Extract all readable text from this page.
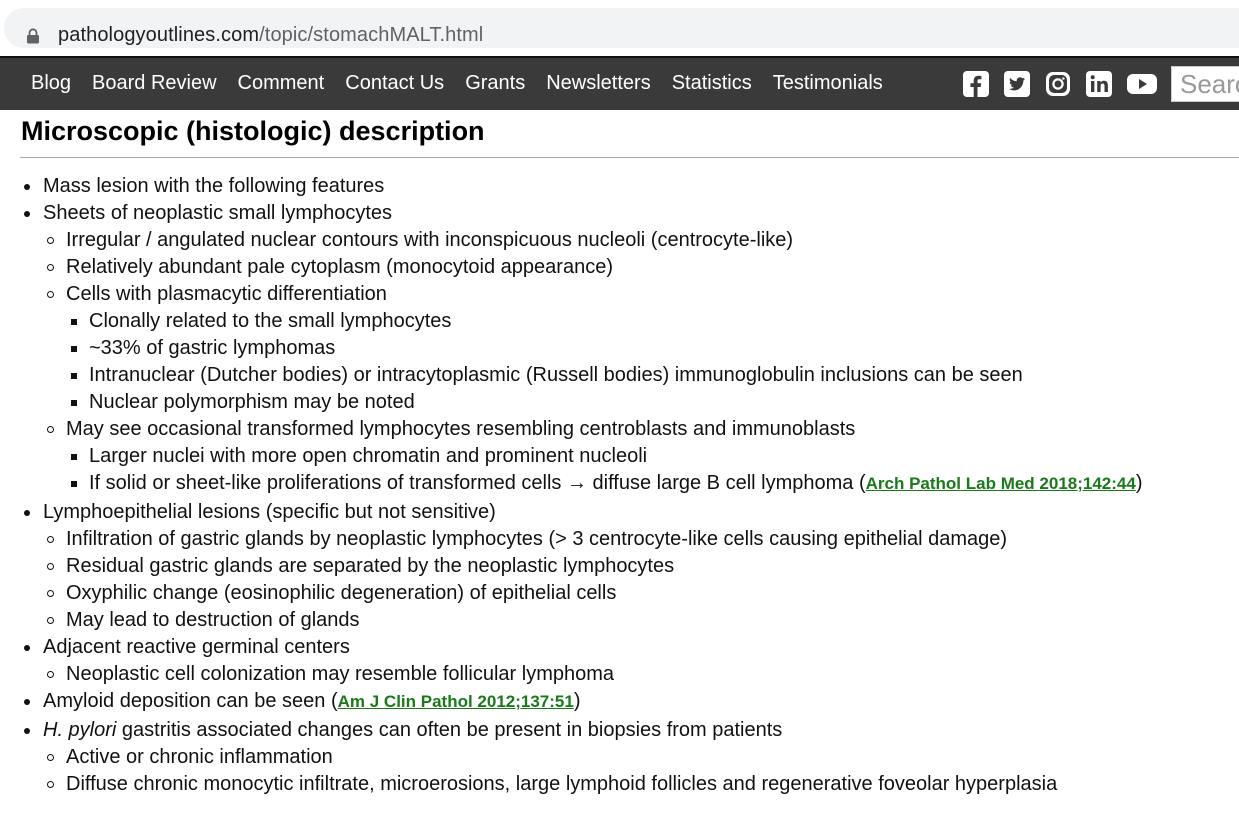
pathologyoutlines.com/topic/stomachMALT.html
Blog Board Review Comment Contact Us Grants Newsletters Statistics Testimonials
Search
Microscopic (histologic) description
Mass lesion with the following features
Sheets of neoplastic small lymphocytes
Irregular / angulated nuclear contours with inconspicuous nucleoli (centrocyte-like)
Relatively abundant pale cytoplasm (monocytoid appearance)
Cells with plasmacytic differentiation
Clonally related to the small lymphocytes
~33% of gastric lymphomas
Intranuclear (Dutcher bodies) or intracytoplasmic (Russell bodies) immunoglobulin inclusions can be seen
Nuclear polymorphism may be noted
May see occasional transformed lymphocytes resembling centroblasts and immunoblasts
Larger nuclei with more open chromatin and prominent nucleoli
If solid or sheet-like proliferations of transformed cells → diffuse large B cell lymphoma (Arch Pathol Lab Med 2018;142:44)
Lymphoepithelial lesions (specific but not sensitive)
Infiltration of gastric glands by neoplastic lymphocytes (> 3 centrocyte-like cells causing epithelial damage)
Residual gastric glands are separated by the neoplastic lymphocytes
Oxyphilic change (eosinophilic degeneration) of epithelial cells
May lead to destruction of glands
Adjacent reactive germinal centers
Neoplastic cell colonization may resemble follicular lymphoma
Amyloid deposition can be seen (Am J Clin Pathol 2012;137:51)
H. pylori gastritis associated changes can often be present in biopsies from patients
Active or chronic inflammation
Diffuse chronic monocytic infiltrate, microerosions, large lymphoid follicles and regenerative foveolar hyperplasia
